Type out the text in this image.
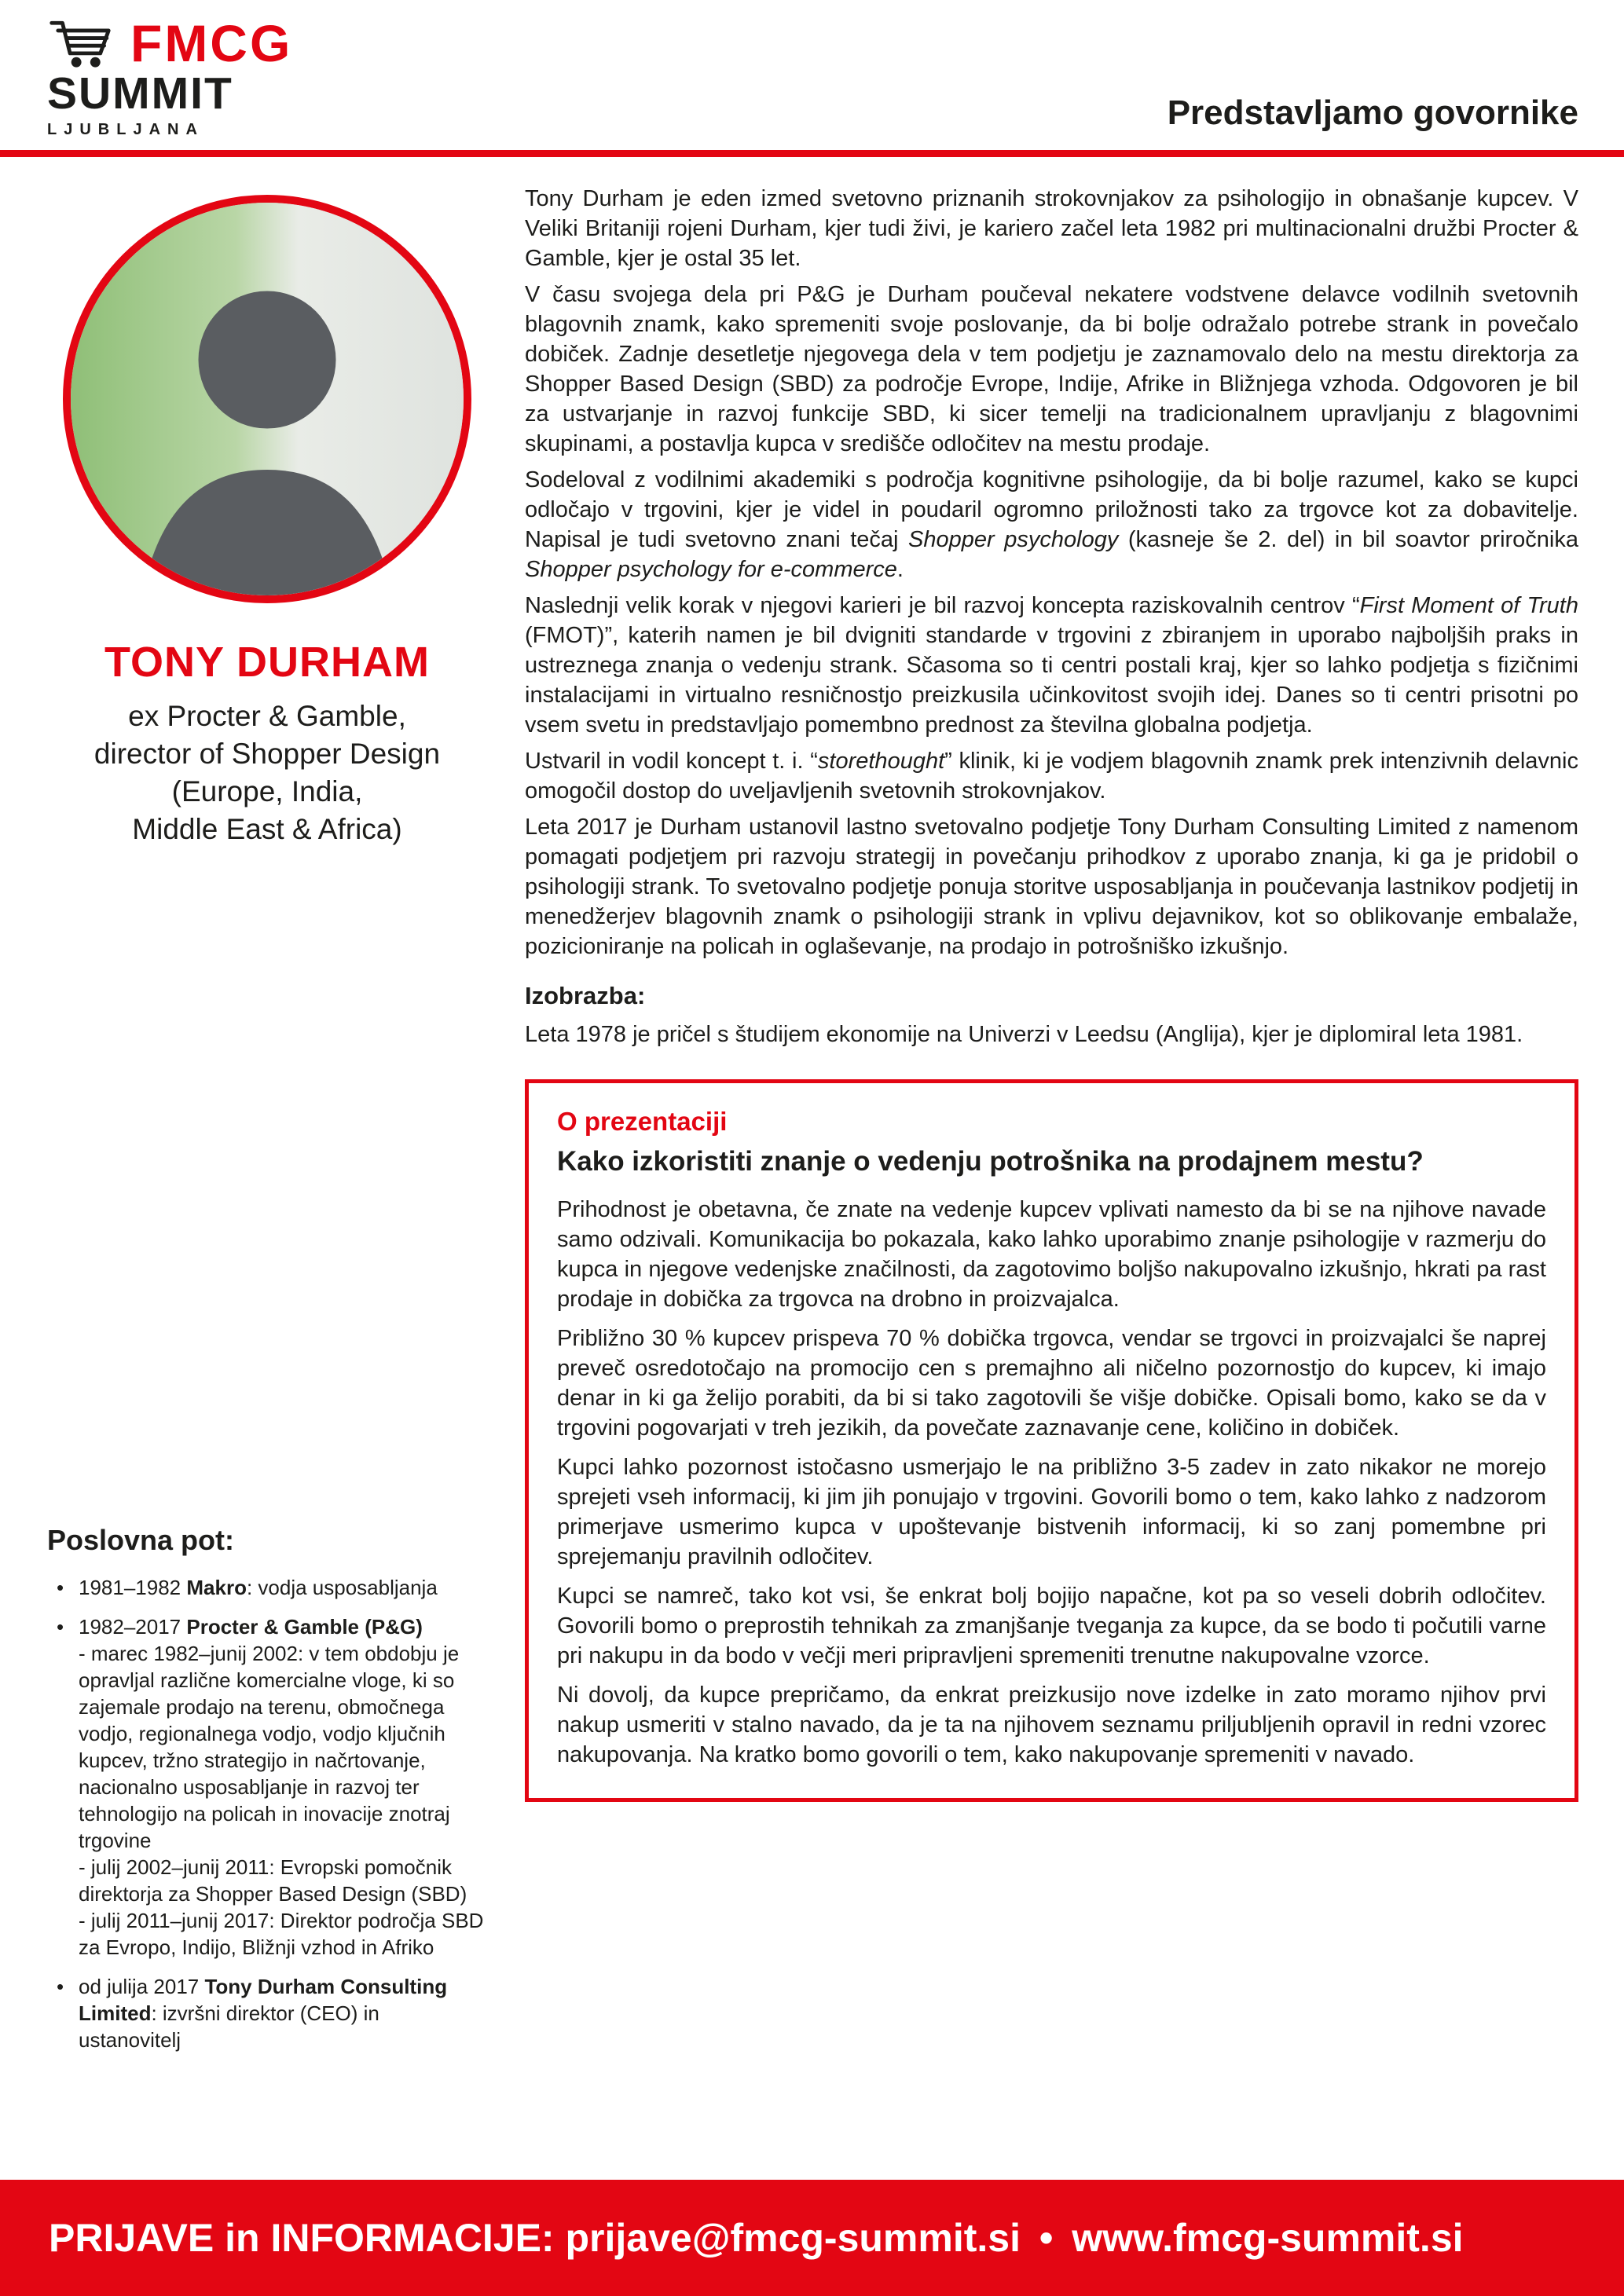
FMCG
SUMMIT
LJUBLJANA	Predstavljamo govornike
TONY DURHAM
ex Procter & Gamble,
director of Shopper Design
(Europe, India,
Middle East & Africa)
Poslovna pot:
• 1981–1982 Makro: vodja usposabljanja
• 1982–2017 Procter & Gamble (P&G)
- marec 1982–junij 2002: v tem obdobju je opravljal različne komercialne vloge, ki so zajemale prodajo na terenu, območnega vodjo, regionalnega vodjo, vodjo ključnih kupcev, tržno strategijo in načrtovanje, nacionalno usposabljanje in razvoj ter tehnologijo na policah in inovacije znotraj trgovine
- julij 2002–junij 2011: Evropski pomočnik direktorja za Shopper Based Design (SBD)
- julij 2011–junij 2017: Direktor področja SBD za Evropo, Indijo, Bližnji vzhod in Afriko
• od julija 2017 Tony Durham Consulting Limited: izvršni direktor (CEO) in ustanovitelj

Tony Durham je eden izmed svetovno priznanih strokovnjakov za psihologijo in obnašanje kupcev. V Veliki Britaniji rojeni Durham, kjer tudi živi, je kariero začel leta 1982 pri multinacionalni družbi Procter & Gamble, kjer je ostal 35 let.

V času svojega dela pri P&G je Durham poučeval nekatere vodstvene delavce vodilnih svetovnih blagovnih znamk, kako spremeniti svoje poslovanje, da bi bolje odražalo potrebe strank in povečalo dobiček. Zadnje desetletje njegovega dela v tem podjetju je zaznamovalo delo na mestu direktorja za Shopper Based Design (SBD) za področje Evrope, Indije, Afrike in Bližnjega vzhoda. Odgovoren je bil za ustvarjanje in razvoj funkcije SBD, ki sicer temelji na tradicionalnem upravljanju z blagovnimi skupinami, a postavlja kupca v središče odločitev na mestu prodaje.

Sodeloval z vodilnimi akademiki s področja kognitivne psihologije, da bi bolje razumel, kako se kupci odločajo v trgovini, kjer je videl in poudaril ogromno priložnosti tako za trgovce kot za dobavitelje. Napisal je tudi svetovno znani tečaj Shopper psychology (kasneje še 2. del) in bil soavtor priročnika Shopper psychology for e-commerce.

Naslednji velik korak v njegovi karieri je bil razvoj koncepta raziskovalnih centrov “First Moment of Truth (FMOT)”, katerih namen je bil dvigniti standarde v trgovini z zbiranjem in uporabo najboljših praks in ustreznega znanja o vedenju strank. Sčasoma so ti centri postali kraj, kjer so lahko podjetja s fizičnimi instalacijami in virtualno resničnostjo preizkusila učinkovitost svojih idej. Danes so ti centri prisotni po vsem svetu in predstavljajo pomembno prednost za številna globalna podjetja.

Ustvaril in vodil koncept t. i. “storethought” klinik, ki je vodjem blagovnih znamk prek intenzivnih delavnic omogočil dostop do uveljavljenih svetovnih strokovnjakov.

Leta 2017 je Durham ustanovil lastno svetovalno podjetje Tony Durham Consulting Limited z namenom pomagati podjetjem pri razvoju strategij in povečanju prihodkov z uporabo znanja, ki ga je pridobil o psihologiji strank. To svetovalno podjetje ponuja storitve usposabljanja in poučevanja lastnikov podjetij in menedžerjev blagovnih znamk o psihologiji strank in vplivu dejavnikov, kot so oblikovanje embalaže, pozicioniranje na policah in oglaševanje, na prodajo in potrošniško izkušnjo.

Izobrazba:

Leta 1978 je pričel s študijem ekonomije na Univerzi v Leedsu (Anglija), kjer je diplomiral leta 1981.

O prezentaciji
Kako izkoristiti znanje o vedenju potrošnika na prodajnem mestu?

Prihodnost je obetavna, če znate na vedenje kupcev vplivati namesto da bi se na njihove navade samo odzivali. Komunikacija bo pokazala, kako lahko uporabimo znanje psihologije v razmerju do kupca in njegove vedenjske značilnosti, da zagotovimo boljšo nakupovalno izkušnjo, hkrati pa rast prodaje in dobička za trgovca na drobno in proizvajalca.

Približno 30 % kupcev prispeva 70 % dobička trgovca, vendar se trgovci in proizvajalci še naprej preveč osredotočajo na promocijo cen s premajhno ali ničelno pozornostjo do kupcev, ki imajo denar in ki ga želijo porabiti, da bi si tako zagotovili še višje dobičke. Opisali bomo, kako se da v trgovini pogovarjati v treh jezikih, da povečate zaznavanje cene, količino in dobiček.

Kupci lahko pozornost istočasno usmerjajo le na približno 3-5 zadev in zato nikakor ne morejo sprejeti vseh informacij, ki jim jih ponujajo v trgovini. Govorili bomo o tem, kako lahko z nadzorom primerjave usmerimo kupca v upoštevanje bistvenih informacij, ki so zanj pomembne pri sprejemanju pravilnih odločitev.

Kupci se namreč, tako kot vsi, še enkrat bolj bojijo napačne, kot pa so veseli dobrih odločitev. Govorili bomo o preprostih tehnikah za zmanjšanje tveganja za kupce, da se bodo ti počutili varne pri nakupu in da bodo v večji meri pripravljeni spremeniti trenutne nakupovalne vzorce.

Ni dovolj, da kupce prepričamo, da enkrat preizkusijo nove izdelke in zato moramo njihov prvi nakup usmeriti v stalno navado, da je ta na njihovem seznamu priljubljenih opravil in redni vzorec nakupovanja. Na kratko bomo govorili o tem, kako nakupovanje spremeniti v navado.

PRIJAVE in INFORMACIJE: prijave@fmcg-summit.si • www.fmcg-summit.si
